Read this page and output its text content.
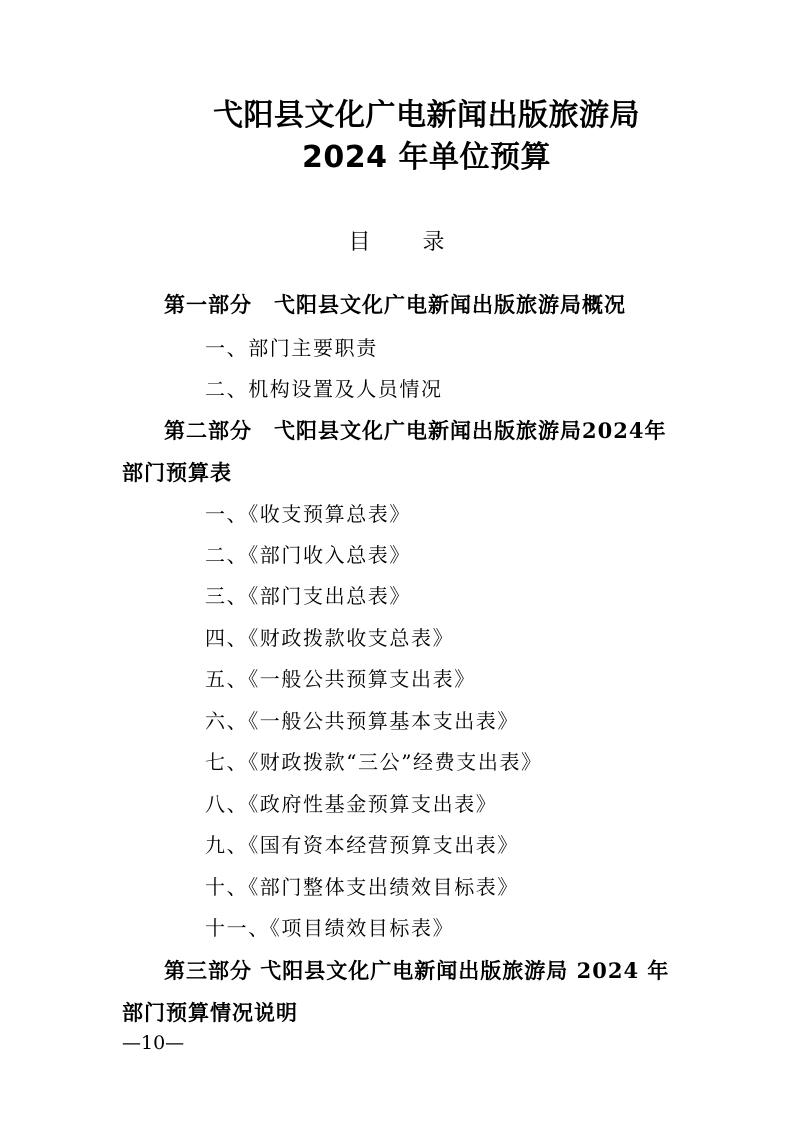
弋阳县文化广电新闻出版旅游局
2024 年单位预算
目 录
第一部分　弋阳县文化广电新闻出版旅游局概况
一、部门主要职责
二、机构设置及人员情况
第二部分　弋阳县文化广电新闻出版旅游局2024年部门预算表
一、《收支预算总表》
二、《部门收入总表》
三、《部门支出总表》
四、《财政拨款收支总表》
五、《一般公共预算支出表》
六、《一般公共预算基本支出表》
七、《财政拨款“三公”经费支出表》
八、《政府性基金预算支出表》
九、《国有资本经营预算支出表》
十、《部门整体支出绩效目标表》
十一、《项目绩效目标表》
第三部分 弋阳县文化广电新闻出版旅游局 2024 年部门预算情况说明
—10—
